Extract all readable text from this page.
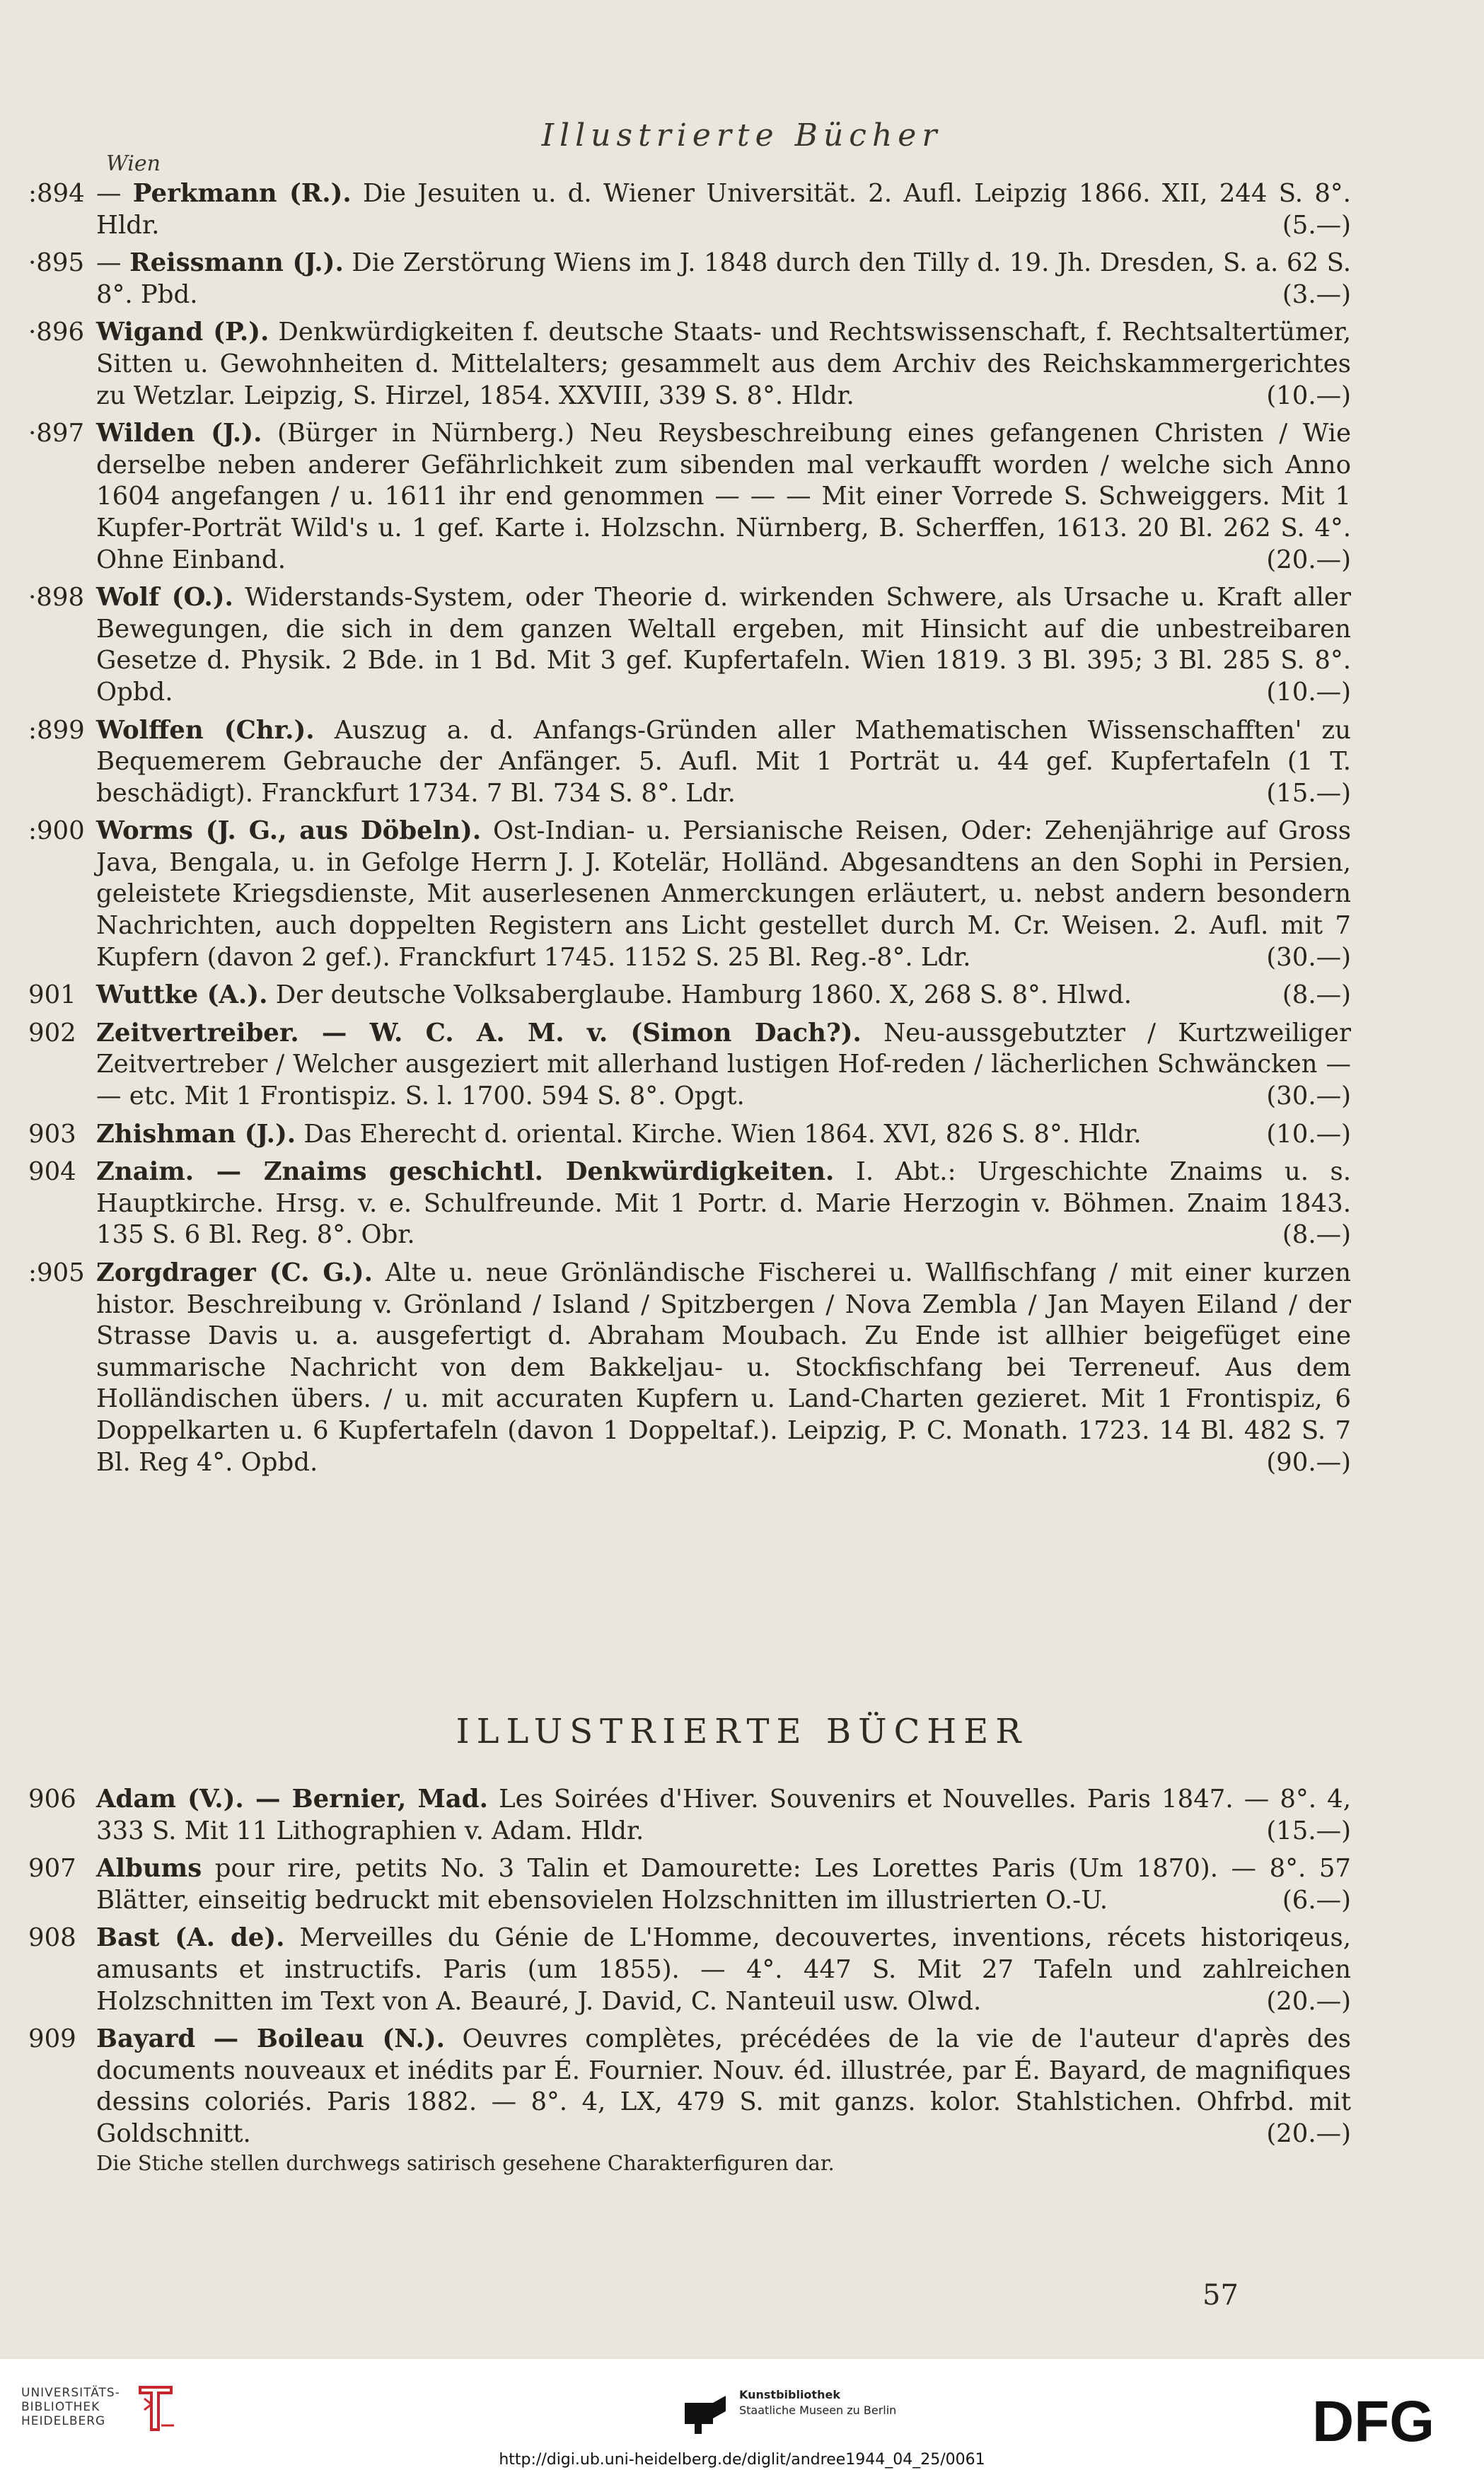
Illustrierte Bücher
Wien
:894 — Perkmann (R.). Die Jesuiten u. d. Wiener Universität. 2. Aufl. Leipzig 1866. XII, 244 S. 8°. Hldr.	(5.—)
·895 — Reissmann (J.). Die Zerstörung Wiens im J. 1848 durch den Tilly d. 19. Jh. Dresden, S. a. 62 S. 8°. Pbd.	(3.—)
·896 Wigand (P.). Denkwürdigkeiten f. deutsche Staats- und Rechtswissenschaft, f. Rechtsaltertümer, Sitten u. Gewohnheiten d. Mittelalters; gesammelt aus dem Archiv des Reichskammergerichtes zu Wetzlar. Leipzig, S. Hirzel, 1854. XXVIII, 339 S. 8°. Hldr.	(10.—)
·897 Wilden (J.). (Bürger in Nürnberg.) Neu Reysbeschreibung eines gefangenen Christen / Wie derselbe neben anderer Gefährlichkeit zum sibenden mal verkaufft worden / welche sich Anno 1604 angefangen / u. 1611 ihr end genommen — — — Mit einer Vorrede S. Schweiggers. Mit 1 Kupfer-Porträt Wild's u. 1 gef. Karte i. Holzschn. Nürnberg, B. Scherffen, 1613. 20 Bl. 262 S. 4°. Ohne Einband.	(20.—)
·898 Wolf (O.). Widerstands-System, oder Theorie d. wirkenden Schwere, als Ursache u. Kraft aller Bewegungen, die sich in dem ganzen Weltall ergeben, mit Hinsicht auf die unbestreibaren Gesetze d. Physik. 2 Bde. in 1 Bd. Mit 3 gef. Kupfertafeln. Wien 1819. 3 Bl. 395; 3 Bl. 285 S. 8°. Opbd.	(10.—)
:899 Wolffen (Chr.). Auszug a. d. Anfangs-Gründen aller Mathematischen Wissenschafften' zu Bequemerem Gebrauche der Anfänger. 5. Aufl. Mit 1 Porträt u. 44 gef. Kupfertafeln (1 T. beschädigt). Franckfurt 1734. 7 Bl. 734 S. 8°. Ldr.	(15.—)
:900 Worms (J. G., aus Döbeln). Ost-Indian- u. Persianische Reisen, Oder: Zehenjährige auf Gross Java, Bengala, u. in Gefolge Herrn J. J. Kotelär, Holländ. Abgesandtens an den Sophi in Persien, geleistete Kriegsdienste, Mit auserlesenen Anmerckungen erläutert, u. nebst andern besondern Nachrichten, auch doppelten Registern ans Licht gestellet durch M. Cr. Weisen. 2. Aufl. mit 7 Kupfern (davon 2 gef.). Franckfurt 1745. 1152 S. 25 Bl. Reg.-8°. Ldr.	(30.—)
901 Wuttke (A.). Der deutsche Volksaberglaube. Hamburg 1860. X, 268 S. 8°. Hlwd.	(8.—)
902 Zeitvertreiber. — W. C. A. M. v. (Simon Dach?). Neu-aussgebutzter / Kurtzweiliger Zeitvertreber / Welcher ausgeziert mit allerhand lustigen Hof-reden / lächerlichen Schwäncken — — etc. Mit 1 Frontispiz. S. l. 1700. 594 S. 8°. Opgt.	(30.—)
903 Zhishman (J.). Das Eherecht d. oriental. Kirche. Wien 1864. XVI, 826 S. 8°. Hldr.	(10.—)
904 Znaim. — Znaims geschichtl. Denkwürdigkeiten. I. Abt.: Urgeschichte Znaims u. s. Hauptkirche. Hrsg. v. e. Schulfreunde. Mit 1 Portr. d. Marie Herzogin v. Böhmen. Znaim 1843. 135 S. 6 Bl. Reg. 8°. Obr.	(8.—)
:905 Zorgdrager (C. G.). Alte u. neue Grönländische Fischerei u. Wallfischfang / mit einer kurzen histor. Beschreibung v. Grönland / Island / Spitzbergen / Nova Zembla / Jan Mayen Eiland / der Strasse Davis u. a. ausgefertigt d. Abraham Moubach. Zu Ende ist allhier beigefüget eine summarische Nachricht von dem Bakkeljau- u. Stockfischfang bei Terreneuf. Aus dem Holländischen übers. / u. mit accuraten Kupfern u. Land-Charten gezieret. Mit 1 Frontispiz, 6 Doppelkarten u. 6 Kupfertafeln (davon 1 Doppeltaf.). Leipzig, P. C. Monath. 1723. 14 Bl. 482 S. 7 Bl. Reg 4°. Opbd.	(90.—)
ILLUSTRIERTE BÜCHER
906 Adam (V.). — Bernier, Mad. Les Soirées d'Hiver. Souvenirs et Nouvelles. Paris 1847. — 8°. 4, 333 S. Mit 11 Lithographien v. Adam. Hldr.	(15.—)
907 Albums pour rire, petits No. 3 Talin et Damourette: Les Lorettes Paris (Um 1870). — 8°. 57 Blätter, einseitig bedruckt mit ebensovielen Holzschnitten im illustrierten O.-U.	(6.—)
908 Bast (A. de). Merveilles du Génie de L'Homme, decouvertes, inventions, récets historiqeus, amusants et instructifs. Paris (um 1855). — 4°. 447 S. Mit 27 Tafeln und zahlreichen Holzschnitten im Text von A. Beauré, J. David, C. Nanteuil usw. Olwd.	(20.—)
909 Bayard — Boileau (N.). Oeuvres complètes, précédées de la vie de l'auteur d'après des documents nouveaux et inédits par É. Fournier. Nouv. éd. illustrée, par É. Bayard, de magnifiques dessins coloriés. Paris 1882. — 8°. 4, LX, 479 S. mit ganzs. kolor. Stahlstichen. Ohfrbd. mit Goldschnitt.	(20.—)
Die Stiche stellen durchwegs satirisch gesehene Charakterfiguren dar.
57
UNIVERSITÄTS-
BIBLIOTHEK
HEIDELBERG
Kunstbibliothek
Staatliche Museen zu Berlin	DFG
http://digi.ub.uni-heidelberg.de/diglit/andree1944_04_25/0061
